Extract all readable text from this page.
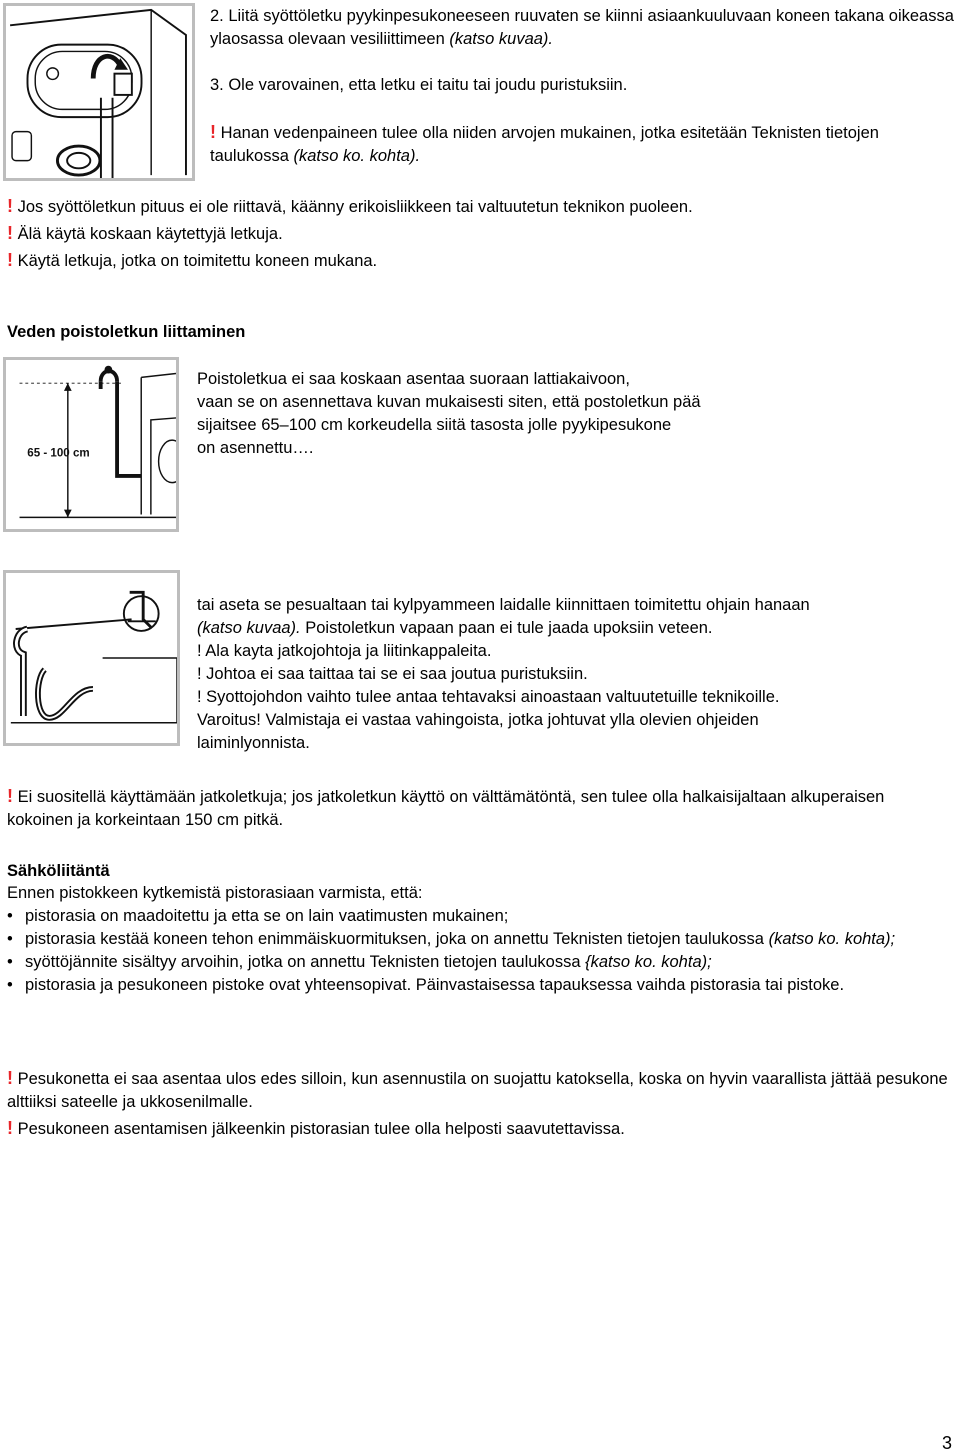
2. Liitä syöttöletku pyykinpesukoneeseen ruuvaten se kiinni asiaankuuluvaan koneen takana oikeassa ylaosassa olevaan vesiliittimeen (katso kuvaa).
3. Ole varovainen, etta letku ei taitu tai joudu puristuksiin.
! Hanan vedenpaineen tulee olla niiden arvojen mukainen, jotka esitetään Teknisten tietojen taulukossa (katso ko. kohta).
! Jos syöttöletkun pituus ei ole riittavä, käänny erikoisliikkeen tai valtuutetun teknikon puoleen.
! Älä käytä koskaan käytettyjä letkuja.
! Käytä letkuja, jotka on toimitettu koneen mukana.
Veden poistoletkun liittaminen
65 - 100 cm

Poistoletkua ei saa koskaan asentaa suoraan lattiakaivoon,

vaan se on asennettava kuvan mukaisesti siten, että postoletkun pää

sijaitsee 65–100 cm korkeudella siitä tasosta jolle pyykipesukone

on asennettu….

tai aseta se pesualtaan tai kylpyammeen laidalle kiinnittaen toimitettu ohjain hanaan

(katso kuvaa). Poistoletkun vapaan paan ei tule jaada upoksiin veteen.

! Ala kayta jatkojohtoja ja liitinkappaleita.

! Johtoa ei saa taittaa tai se ei saa joutua puristuksiin.

! Syottojohdon vaihto tulee antaa tehtavaksi ainoastaan valtuutetuille teknikoille.

Varoitus! Valmistaja ei vastaa vahingoista, jotka johtuvat ylla olevien ohjeiden

laiminlyonnista.

! Ei suositellä käyttämään jatkoletkuja; jos jatkoletkun käyttö on välttämätöntä, sen tulee olla halkaisijaltaan alkuperaisen kokoinen ja korkeintaan 150 cm pitkä.
Sähköliitäntä
Ennen pistokkeen kytkemistä pistorasiaan varmista, että:

• pistorasia on maadoitettu ja etta se on lain vaatimusten mukainen;

• pistorasia kestää koneen tehon enimmäiskuormituksen, joka on annettu Teknisten tietojen taulukossa (katso ko. kohta);

• syöttöjännite sisältyy arvoihin, jotka on annettu Teknisten tietojen taulukossa {katso ko. kohta);

• pistorasia ja pesukoneen pistoke ovat yhteensopivat. Päinvastaisessa tapauksessa vaihda pistorasia tai pistoke.

! Pesukonetta ei saa asentaa ulos edes silloin, kun asennustila on suojattu katoksella, koska on hyvin vaarallista jättää pesukone alttiiksi sateelle ja ukkosenilmalle.
! Pesukoneen asentamisen jälkeenkin pistorasian tulee olla helposti saavutettavissa.
3
